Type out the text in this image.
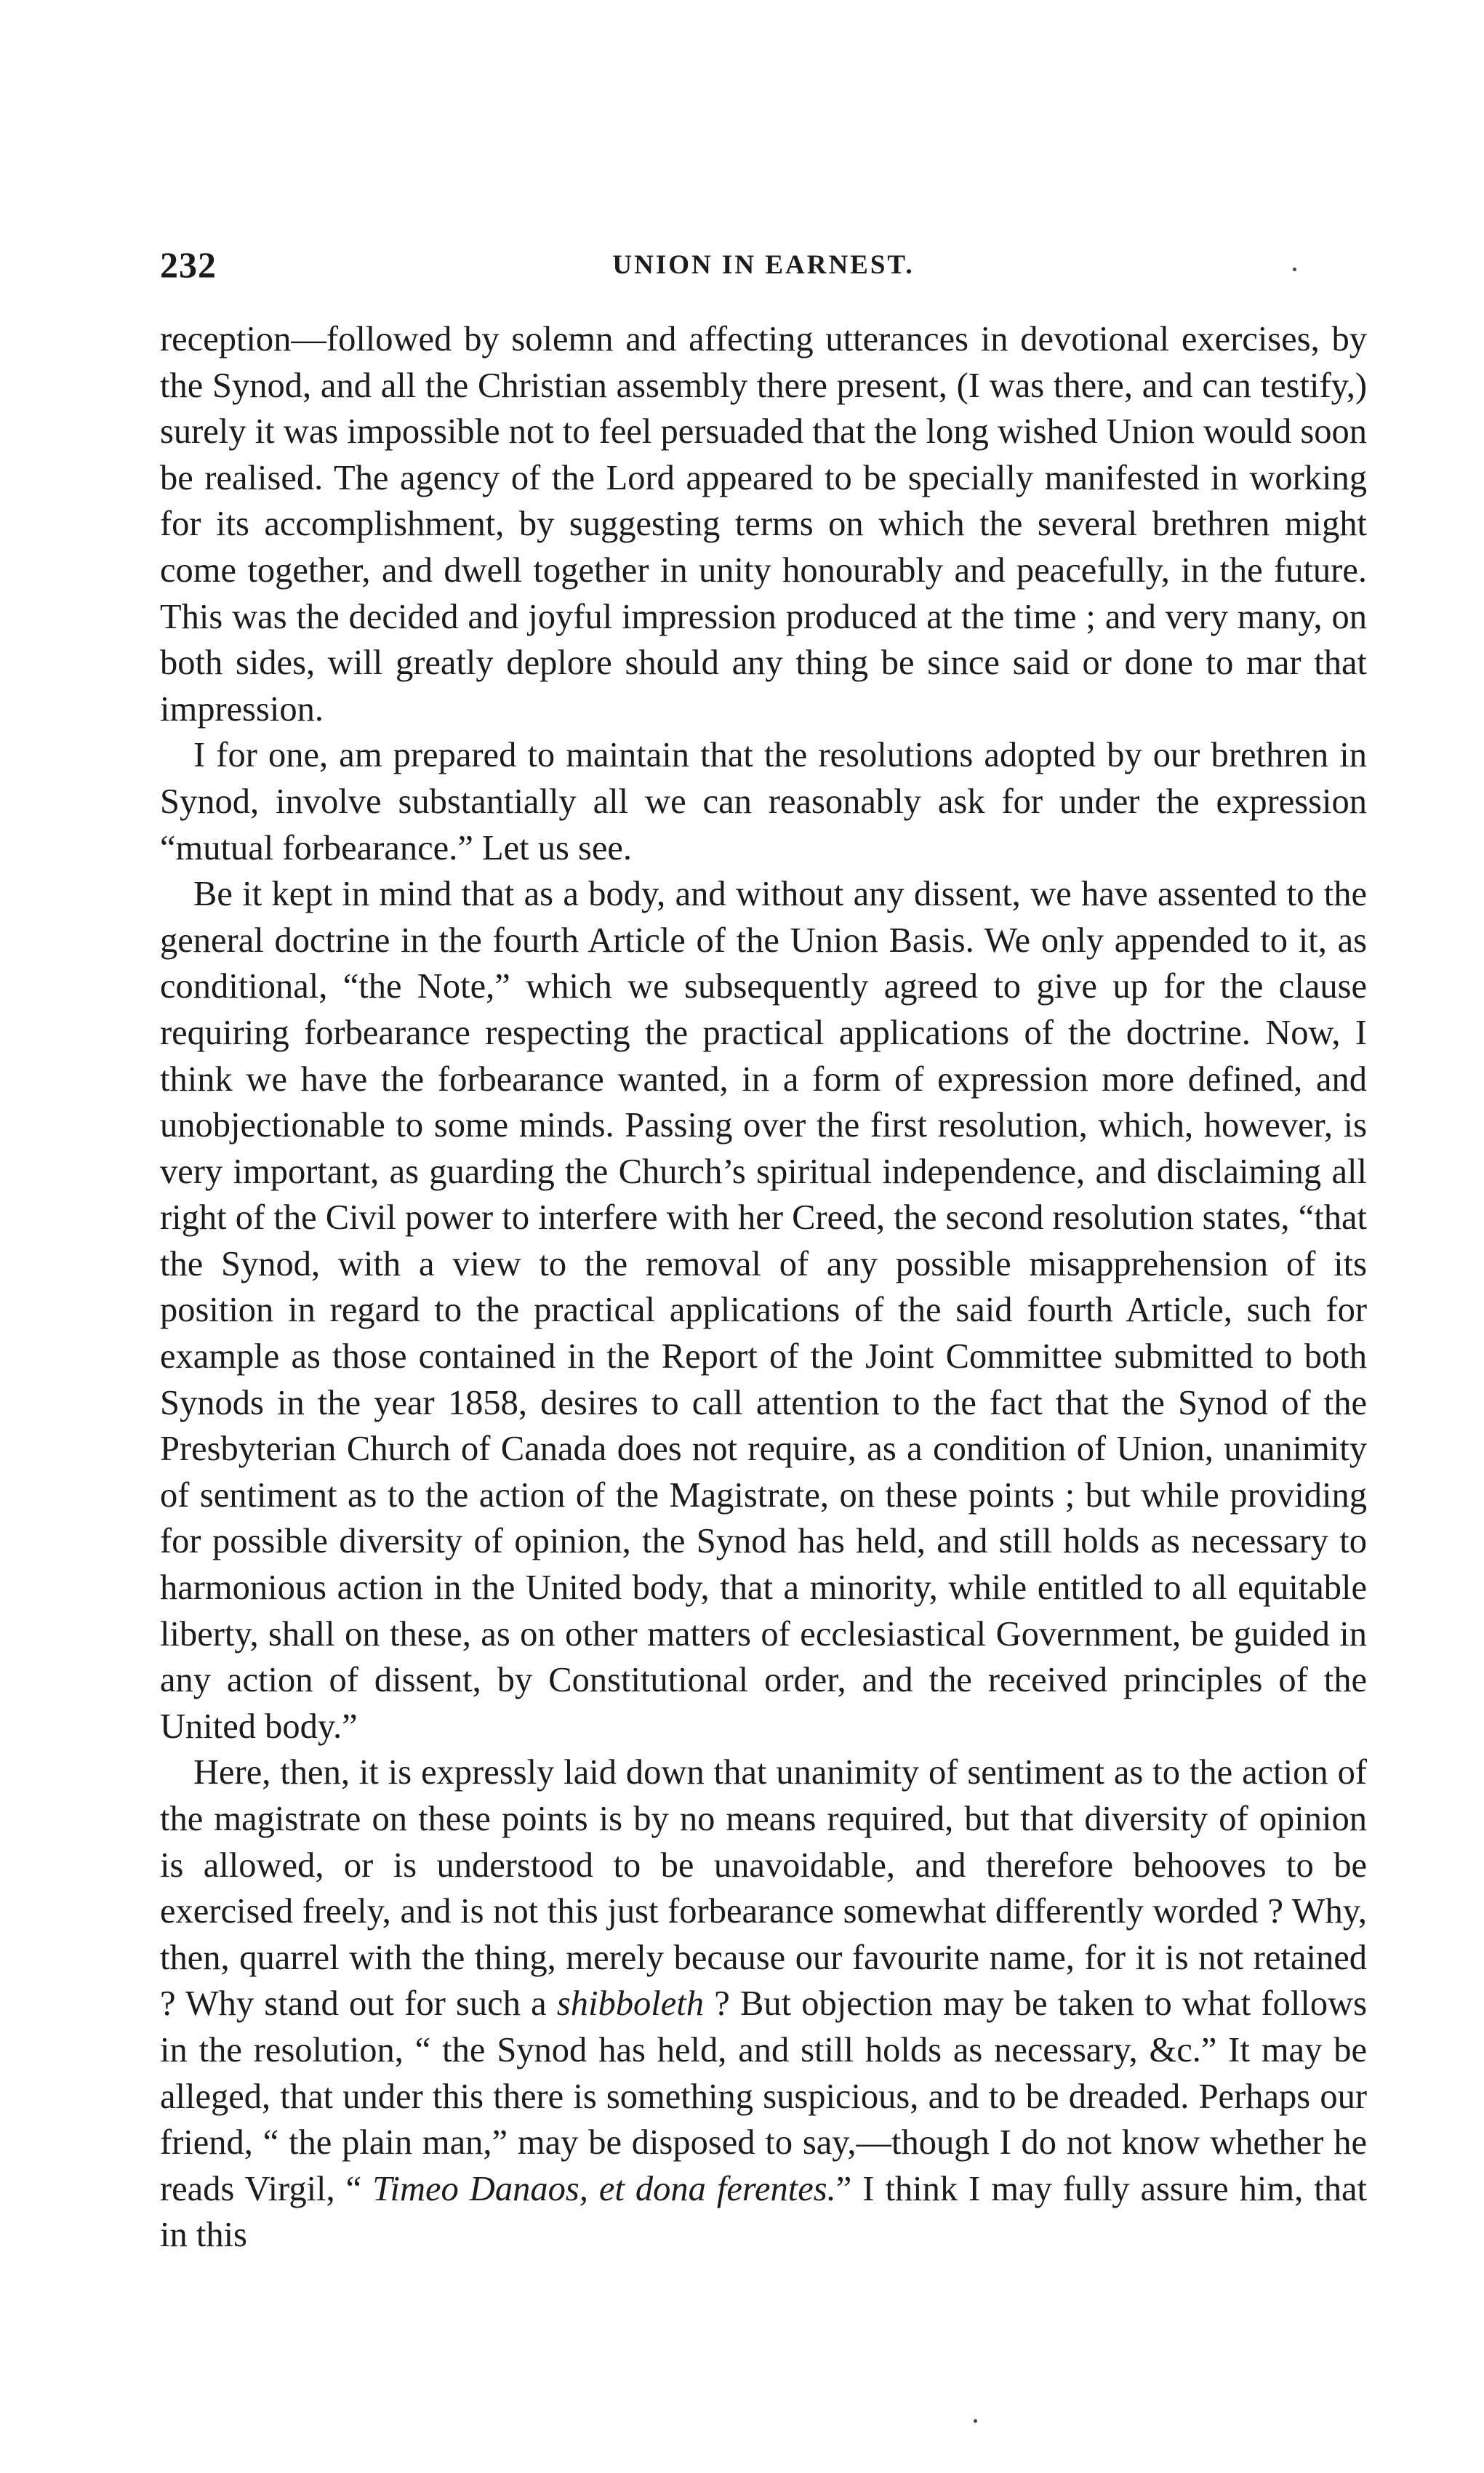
232	UNION IN EARNEST.

reception—followed by solemn and affecting utterances in devotional exercises, by the Synod, and all the Christian assembly there present, (I was there, and can testify,) surely it was impossible not to feel persuaded that the long wished Union would soon be realised. The agency of the Lord appeared to be specially manifested in working for its accomplishment, by suggesting terms on which the several brethren might come together, and dwell together in unity honourably and peacefully, in the future. This was the decided and joyful impression produced at the time ; and very many, on both sides, will greatly deplore should any thing be since said or done to mar that impression.

I for one, am prepared to maintain that the resolutions adopted by our brethren in Synod, involve substantially all we can reasonably ask for under the expression “mutual forbearance.” Let us see.

Be it kept in mind that as a body, and without any dissent, we have assented to the general doctrine in the fourth Article of the Union Basis. We only appended to it, as conditional, “the Note,” which we subsequently agreed to give up for the clause requiring forbearance respecting the practical applications of the doctrine. Now, I think we have the forbearance wanted, in a form of expression more defined, and unobjectionable to some minds. Passing over the first resolution, which, however, is very important, as guarding the Church’s spiritual independence, and disclaiming all right of the Civil power to interfere with her Creed, the second resolution states, “that the Synod, with a view to the removal of any possible misapprehension of its position in regard to the practical applications of the said fourth Article, such for example as those contained in the Report of the Joint Committee submitted to both Synods in the year 1858, desires to call attention to the fact that the Synod of the Presbyterian Church of Canada does not require, as a condition of Union, unanimity of sentiment as to the action of the Magistrate, on these points ; but while providing for possible diversity of opinion, the Synod has held, and still holds as necessary to harmonious action in the United body, that a minority, while entitled to all equitable liberty, shall on these, as on other matters of ecclesiastical Government, be guided in any action of dissent, by Constitutional order, and the received principles of the United body.”

Here, then, it is expressly laid down that unanimity of sentiment as to the action of the magistrate on these points is by no means required, but that diversity of opinion is allowed, or is understood to be unavoidable, and therefore behooves to be exercised freely, and is not this just forbearance somewhat differently worded ? Why, then, quarrel with the thing, merely because our favourite name, for it is not retained ? Why stand out for such a shibboleth ? But objection may be taken to what follows in the resolution, “ the Synod has held, and still holds as necessary, &c.” It may be alleged, that under this there is something suspicious, and to be dreaded. Perhaps our friend, “ the plain man,” may be disposed to say,—though I do not know whether he reads Virgil, “ Timeo Danaos, et dona ferentes.” I think I may fully assure him, that in this
